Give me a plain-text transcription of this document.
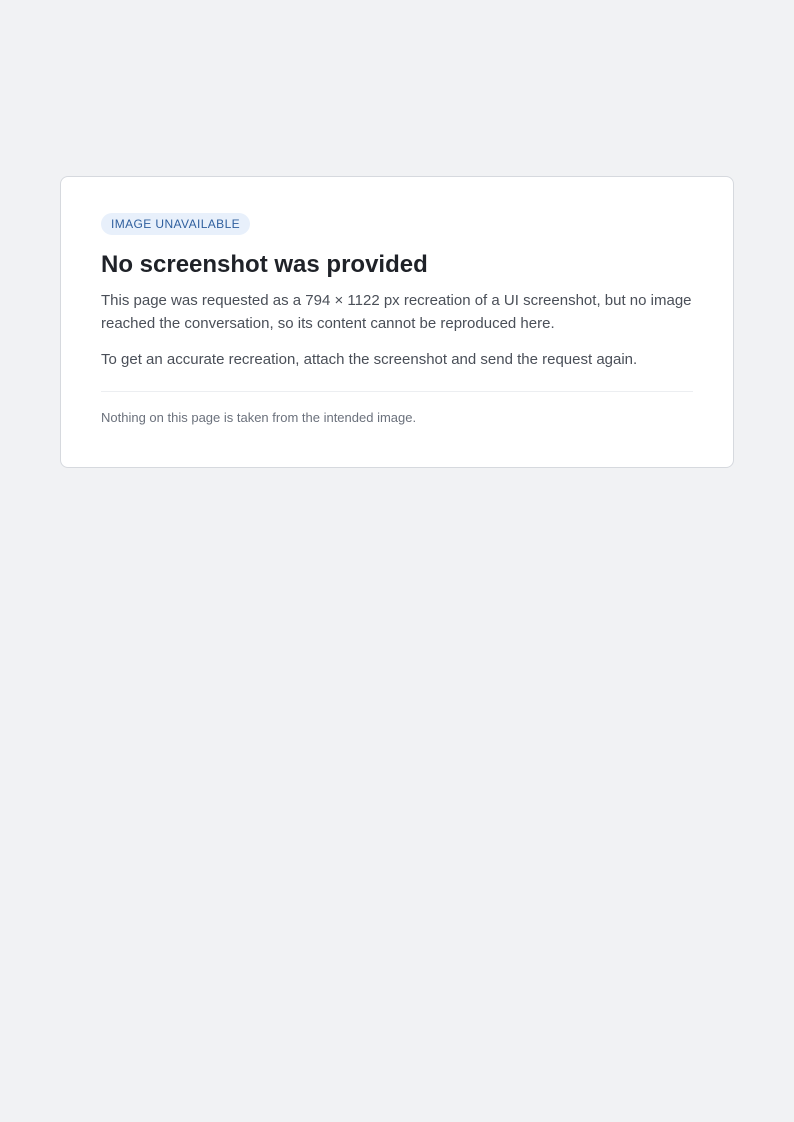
IMAGE UNAVAILABLE
No screenshot was provided

This page was requested as a 794 × 1122 px recreation of a UI screenshot, but no image reached the conversation, so its content cannot be reproduced here.

To get an accurate recreation, attach the screenshot and send the request again.

Nothing on this page is taken from the intended image.
